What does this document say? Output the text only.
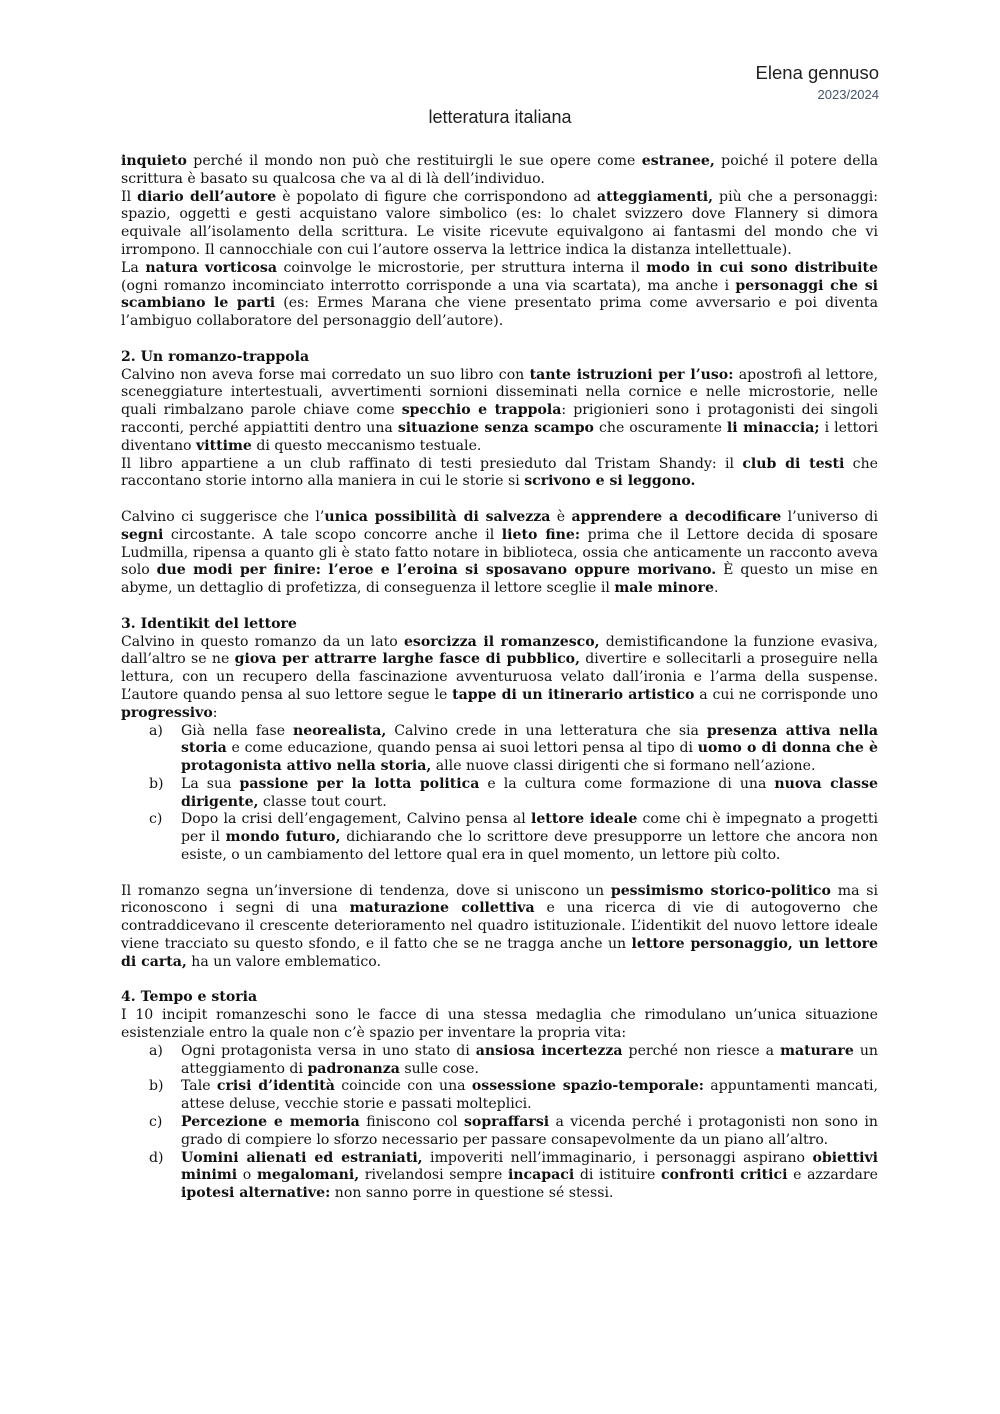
Elena gennuso
2023/2024
letteratura italiana

inquieto perché il mondo non può che restituirgli le sue opere come estranee, poiché il potere della scrittura è basato su qualcosa che va al di là dell’individuo.

Il diario dell’autore è popolato di figure che corrispondono ad atteggiamenti, più che a personaggi: spazio, oggetti e gesti acquistano valore simbolico (es: lo chalet svizzero dove Flannery si dimora equivale all’isolamento della scrittura. Le visite ricevute equivalgono ai fantasmi del mondo che vi irrompono. Il cannocchiale con cui l’autore osserva la lettrice indica la distanza intellettuale).

La natura vorticosa coinvolge le microstorie, per struttura interna il modo in cui sono distribuite (ogni romanzo incominciato interrotto corrisponde a una via scartata), ma anche i personaggi che si scambiano le parti (es: Ermes Marana che viene presentato prima come avversario e poi diventa l’ambiguo collaboratore del personaggio dell’autore).

2. Un romanzo-trappola

Calvino non aveva forse mai corredato un suo libro con tante istruzioni per l’uso: apostrofi al lettore, sceneggiature intertestuali, avvertimenti sornioni disseminati nella cornice e nelle microstorie, nelle quali rimbalzano parole chiave come specchio e trappola: prigionieri sono i protagonisti dei singoli racconti, perché appiattiti dentro una situazione senza scampo che oscuramente li minaccia; i lettori diventano vittime di questo meccanismo testuale.

Il libro appartiene a un club raffinato di testi presieduto dal Tristam Shandy: il club di testi che raccontano storie intorno alla maniera in cui le storie si scrivono e si leggono.

Calvino ci suggerisce che l’unica possibilità di salvezza è apprendere a decodificare l’universo di segni circostante. A tale scopo concorre anche il lieto fine: prima che il Lettore decida di sposare Ludmilla, ripensa a quanto gli è stato fatto notare in biblioteca, ossia che anticamente un racconto aveva solo due modi per finire: l’eroe e l’eroina si sposavano oppure morivano. È questo un mise en abyme, un dettaglio di profetizza, di conseguenza il lettore sceglie il male minore.

3. Identikit del lettore

Calvino in questo romanzo da un lato esorcizza il romanzesco, demistificandone la funzione evasiva, dall’altro se ne giova per attrarre larghe fasce di pubblico, divertire e sollecitarli a proseguire nella lettura, con un recupero della fascinazione avventuruosa velato dall’ironia e l’arma della suspense. L’autore quando pensa al suo lettore segue le tappe di un itinerario artistico a cui ne corrisponde uno progressivo:

a) Già nella fase neorealista, Calvino crede in una letteratura che sia presenza attiva nella storia e come educazione, quando pensa ai suoi lettori pensa al tipo di uomo o di donna che è protagonista attivo nella storia, alle nuove classi dirigenti che si formano nell’azione.
b) La sua passione per la lotta politica e la cultura come formazione di una nuova classe dirigente, classe tout court.
c) Dopo la crisi dell’engagement, Calvino pensa al lettore ideale come chi è impegnato a progetti per il mondo futuro, dichiarando che lo scrittore deve presupporre un lettore che ancora non esiste, o un cambiamento del lettore qual era in quel momento, un lettore più colto.

Il romanzo segna un’inversione di tendenza, dove si uniscono un pessimismo storico-politico ma si riconoscono i segni di una maturazione collettiva e una ricerca di vie di autogoverno che contraddicevano il crescente deterioramento nel quadro istituzionale. L’identikit del nuovo lettore ideale viene tracciato su questo sfondo, e il fatto che se ne tragga anche un lettore personaggio, un lettore di carta, ha un valore emblematico.

4. Tempo e storia

I 10 incipit romanzeschi sono le facce di una stessa medaglia che rimodulano un’unica situazione esistenziale entro la quale non c’è spazio per inventare la propria vita:

a) Ogni protagonista versa in uno stato di ansiosa incertezza perché non riesce a maturare un atteggiamento di padronanza sulle cose.
b) Tale crisi d’identità coincide con una ossessione spazio-temporale: appuntamenti mancati, attese deluse, vecchie storie e passati molteplici.
c) Percezione e memoria finiscono col sopraffarsi a vicenda perché i protagonisti non sono in grado di compiere lo sforzo necessario per passare consapevolmente da un piano all’altro.
d) Uomini alienati ed estraniati, impoveriti nell’immaginario, i personaggi aspirano obiettivi minimi o megalomani, rivelandosi sempre incapaci di istituire confronti critici e azzardare ipotesi alternative: non sanno porre in questione sé stessi.
